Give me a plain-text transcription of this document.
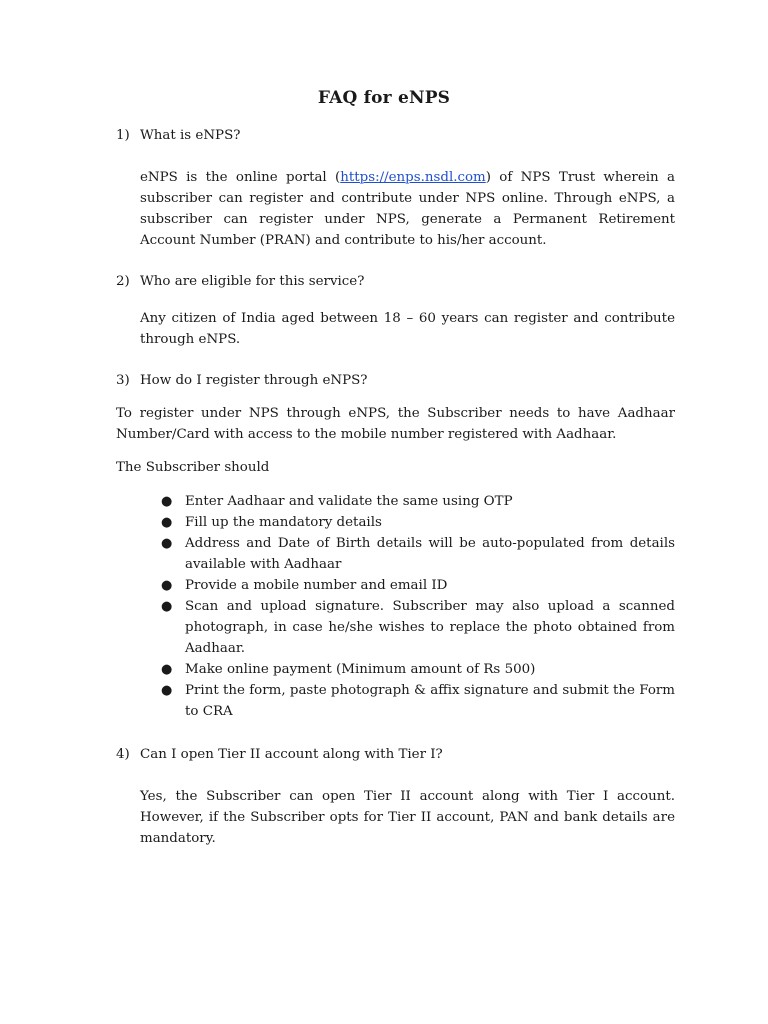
FAQ for eNPS
1) What is eNPS?

eNPS is the online portal (https://enps.nsdl.com) of NPS Trust wherein a subscriber can register and contribute under NPS online. Through eNPS, a subscriber can register under NPS, generate a Permanent Retirement Account Number (PRAN) and contribute to his/her account.

2) Who are eligible for this service?

Any citizen of India aged between 18 – 60 years can register and contribute through eNPS.

3) How do I register through eNPS?

To register under NPS through eNPS, the Subscriber needs to have Aadhaar Number/Card with access to the mobile number registered with Aadhaar.

The Subscriber should

● Enter Aadhaar and validate the same using OTP
● Fill up the mandatory details
● Address and Date of Birth details will be auto-populated from details available with Aadhaar
● Provide a mobile number and email ID
● Scan and upload signature. Subscriber may also upload a scanned photograph, in case he/she wishes to replace the photo obtained from Aadhaar.
● Make online payment (Minimum amount of Rs 500)
● Print the form, paste photograph & affix signature and submit the Form to CRA
4) Can I open Tier II account along with Tier I?

Yes, the Subscriber can open Tier II account along with Tier I account. However, if the Subscriber opts for Tier II account, PAN and bank details are mandatory.
